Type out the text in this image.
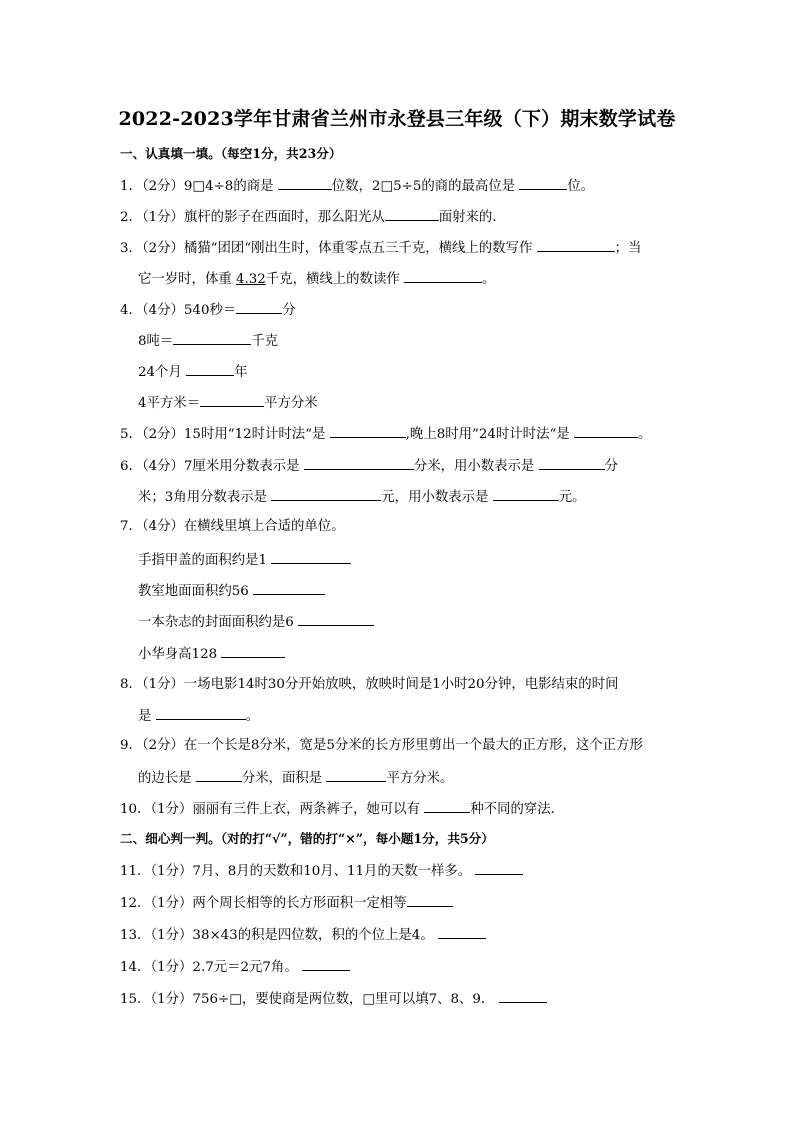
2022-2023学年甘肃省兰州市永登县三年级（下）期末数学试卷
一、认真填一填。（每空1分，共23分）
1．（2分）9□4÷8的商是	位数，2□5÷5的商的最高位是	位。
2．（1分）旗杆的影子在西面时，那么阳光从	面射来的．
3．（2分）橘猫“团团“刚出生时，体重零点五三千克，横线上的数写作	；当
它一岁时，体重 4.32千克，横线上的数读作	。
4．（4分）540秒＝	分
8吨＝	千克
24个月	年
4平方米＝	平方分米
5．（2分）15时用“12时计时法“是	,晚上8时用”24时计时法“是	。
6．（4分）7厘米用分数表示是	分米，用小数表示是	分
米；3角用分数表示是	元，用小数表示是	元。
7．（4分）在横线里填上合适的单位。
手指甲盖的面积约是1
教室地面面积约56
一本杂志的封面面积约是6
小华身高128
8．（1分）一场电影14时30分开始放映，放映时间是1小时20分钟，电影结束的时间
是	。
9．（2分）在一个长是8分米，宽是5分米的长方形里剪出一个最大的正方形，这个正方形
的边长是	分米，面积是	平方分米。
10．（1分）丽丽有三件上衣，两条裤子，她可以有	种不同的穿法．
二、细心判一判。（对的打“√”，错的打“×”，每小题1分，共5分）
11．（1分）7月、8月的天数和10月、11月的天数一样多。
12．（1分）两个周长相等的长方形面积一定相等
13．（1分）38×43的积是四位数，积的个位上是4。
14．（1分）2.7元＝2元7角。
15．（1分）756÷□，要使商是两位数，□里可以填7、8、9．
